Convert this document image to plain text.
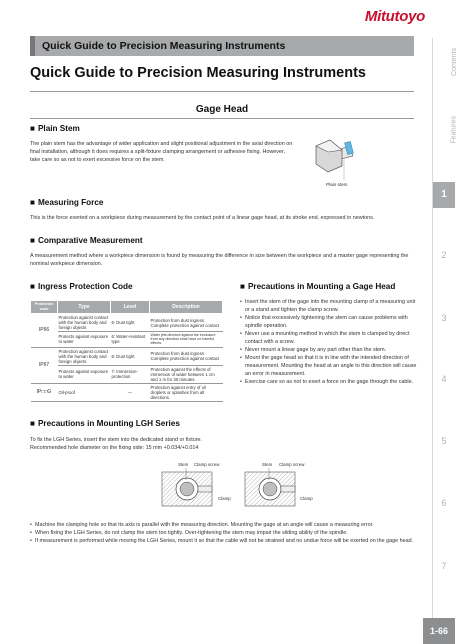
Mitutoyo
Quick Guide to Precision Measuring Instruments
Contents
Features
1
2
3
4
5
6
7
Quick Guide to Precision Measuring Instruments
Gage Head
■ Plain Stem
The plain stem has the advantage of wider application and slight positional adjustment in the axial direction on final installation, although it does requires a split-fixture clamping arrangement or adhesive fixing. However, take care so as not to exert excessive force on the stem.
Plain stem
■ Measuring Force
This is the force exerted on a workpiece during measurement by the contact point of a linear gage head, at its stroke end, expressed in newtons.
■ Comparative Measurement
A measurement method where a workpiece dimension is found by measuring the difference in size between the workpiece and a master gage representing the nominal workpiece dimension.
■ Ingress Protection Code
Protection code	Type	Level	Description
IP66	Protection against contact with the human body and foreign objects	6: Dust tight	Protection from dust ingress Complete protection against contact
	Protects against exposure to water	6: Water-resistant type	Water jets directed against the enclosure from any direction shall have no harmful effects.
IP67	Protection against contact with the human body and foreign objects	6: Dust tight	Protection from dust ingress Complete protection against contact
	Protects against exposure to water	7: Immersion-protection	Protection against the effects of immersion of water between 1 cm and 1 m for 30 minutes.
IP□□G	Oil-proof	—	Protection against entry of oil droplets or splashes from all directions.
■ Precautions in Mounting a Gage Head
• Insert the stem of the gage into the mounting clamp of a measuring unit or a stand and tighten the clamp screw.
• Notice that excessively tightening the stem can cause problems with spindle operation.
• Never use a mounting method in which the stem is clamped by direct contact with a screw.
• Never mount a linear gage by any part other than the stem.
• Mount the gage head so that it is in line with the intended direction of measurement. Mounting the head at an angle to this direction will cause an error in measurement.
• Exercise care so as not to exert a force on the gage through the cable.
■ Precautions in Mounting LGH Series
To fix the LGH Series, insert the stem into the dedicated stand or fixture.
Recommended hole diameter on the fixing side: 15 mm +0.034/+0.014
Stem Clamp screw
Clamp
Stem Clamp screw
Clamp
• Machine the clamping hole so that its axis is parallel with the measuring direction. Mounting the gage at an angle will cause a measuring error.
• When fixing the LGH Series, do not clamp the stem too tightly. Over-tightening the stem may impair the sliding ability of the spindle.
• If measurement is performed while moving the LGH Series, mount it so that the cable will not be strained and no undue force will be exerted on the gage head.
1-66
